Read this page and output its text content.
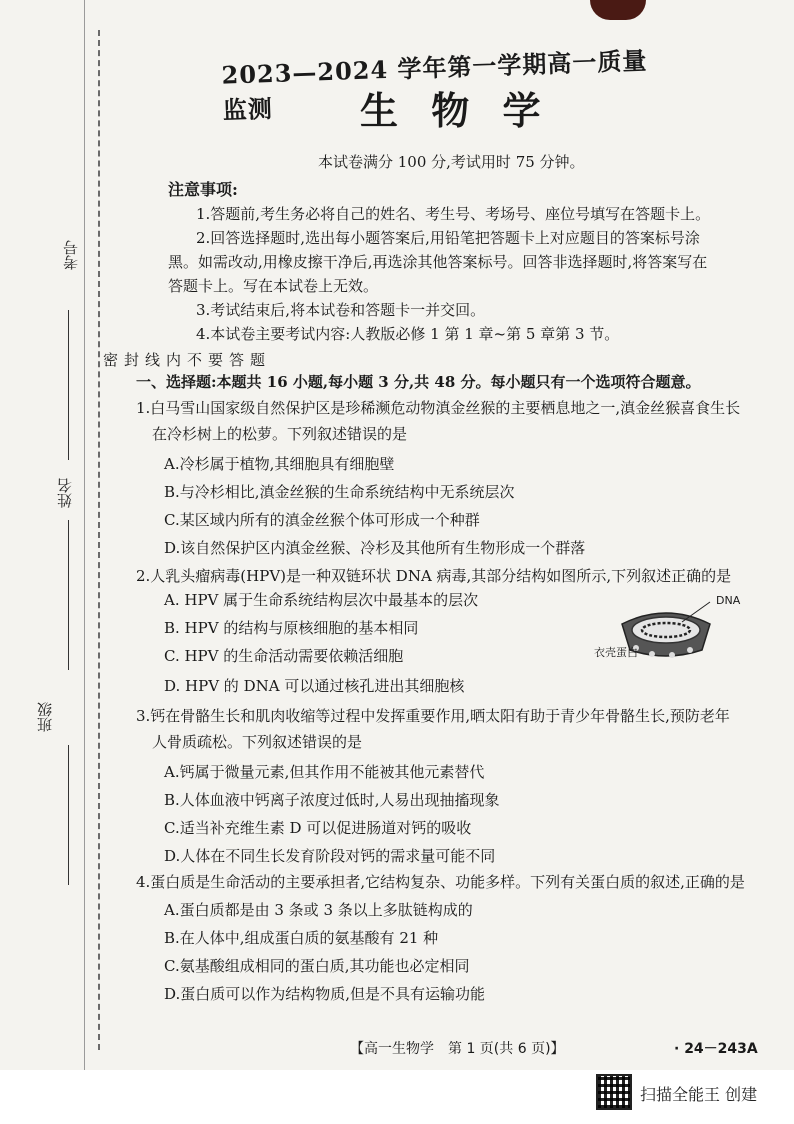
考号
姓名
班级
题
答
要
不
内
线
封
密
2023—2024 学年第一学期高一质量监测	生 物 学
本试卷满分 100 分,考试用时 75 分钟。
注意事项:
1.答题前,考生务必将自己的姓名、考生号、考场号、座位号填写在答题卡上。
2.回答选择题时,选出每小题答案后,用铅笔把答题卡上对应题目的答案标号涂
黑。如需改动,用橡皮擦干净后,再选涂其他答案标号。回答非选择题时,将答案写在
答题卡上。写在本试卷上无效。
3.考试结束后,将本试卷和答题卡一并交回。
4.本试卷主要考试内容:人教版必修 1 第 1 章~第 5 章第 3 节。
一、选择题:本题共 16 小题,每小题 3 分,共 48 分。每小题只有一个选项符合题意。
1.白马雪山国家级自然保护区是珍稀濒危动物滇金丝猴的主要栖息地之一,滇金丝猴喜食生长
在冷杉树上的松萝。下列叙述错误的是
A.冷杉属于植物,其细胞具有细胞壁
B.与冷杉相比,滇金丝猴的生命系统结构中无系统层次
C.某区域内所有的滇金丝猴个体可形成一个种群
D.该自然保护区内滇金丝猴、冷杉及其他所有生物形成一个群落
2.人乳头瘤病毒(HPV)是一种双链环状 DNA 病毒,其部分结构如图所示,下列叙述正确的是
A. HPV 属于生命系统结构层次中最基本的层次
B. HPV 的结构与原核细胞的基本相同
C. HPV 的生命活动需要依赖活细胞
D. HPV 的 DNA 可以通过核孔进出其细胞核
DNA
衣壳蛋白
3.钙在骨骼生长和肌肉收缩等过程中发挥重要作用,晒太阳有助于青少年骨骼生长,预防老年
人骨质疏松。下列叙述错误的是
A.钙属于微量元素,但其作用不能被其他元素替代
B.人体血液中钙离子浓度过低时,人易出现抽搐现象
C.适当补充维生素 D 可以促进肠道对钙的吸收
D.人体在不同生长发育阶段对钙的需求量可能不同
4.蛋白质是生命活动的主要承担者,它结构复杂、功能多样。下列有关蛋白质的叙述,正确的是
A.蛋白质都是由 3 条或 3 条以上多肽链构成的
B.在人体中,组成蛋白质的氨基酸有 21 种
C.氨基酸组成相同的蛋白质,其功能也必定相同
D.蛋白质可以作为结构物质,但是不具有运输功能
【高一生物学　第 1 页(共 6 页)】	· 24－243A
扫描全能王 创建
